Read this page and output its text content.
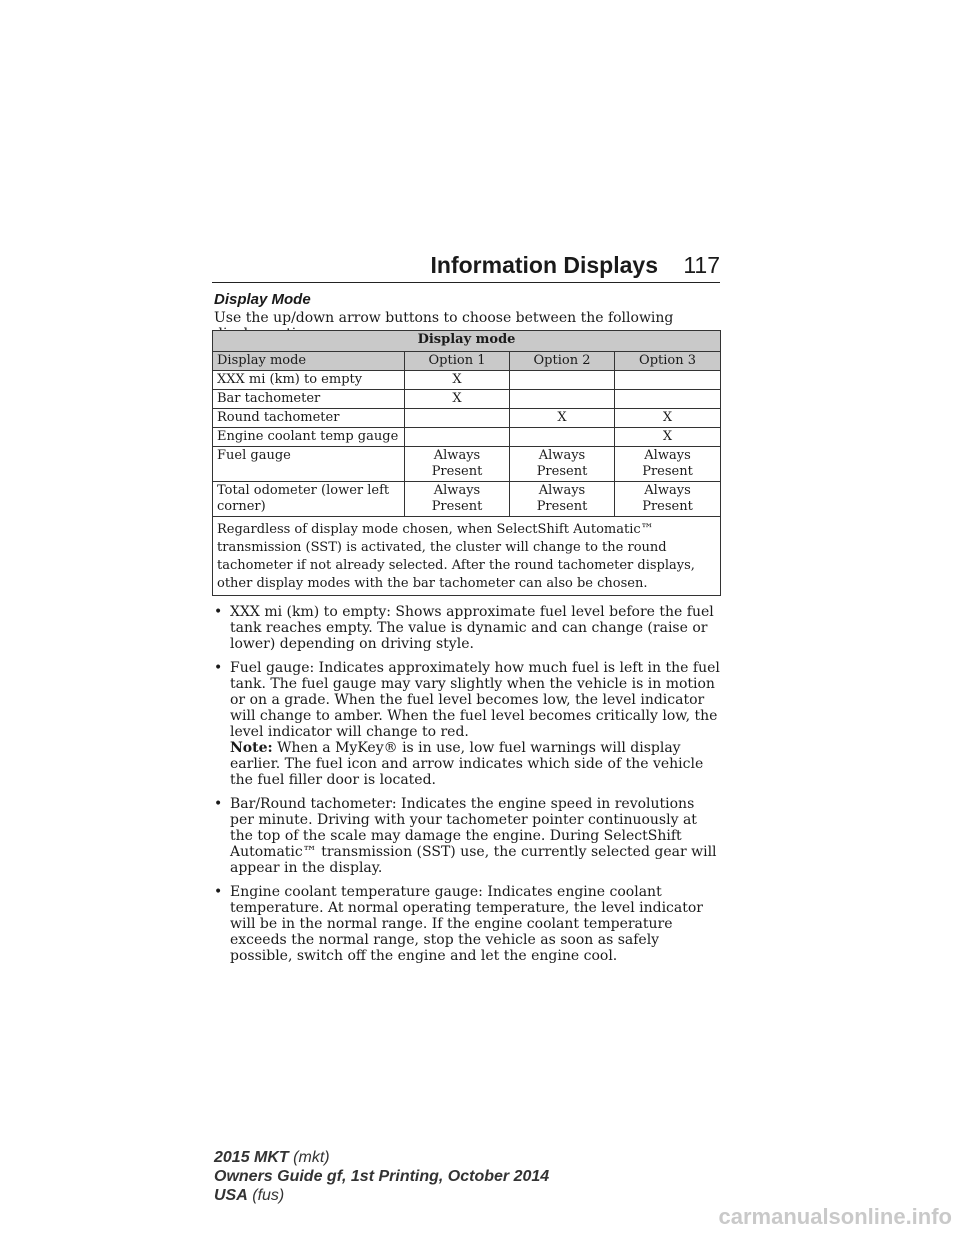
Information Displays 117
Display Mode
Use the up/down arrow buttons to choose between the following
Display mode			
Display mode	Option 1	Option 2	Option 3
XXX mi (km) to empty	X		
Bar tachometer	X		
Round tachometer		X	X
Engine coolant temp gauge			X
Fuel gauge	Always Present	Always Present	Always Present
Total odometer (lower left corner)	Always Present	Always Present	Always Present
Regardless of display mode chosen, when SelectShift Automatic™ transmission (SST) is activated, the cluster will change to the round tachometer if not already selected. After the round tachometer displays, other display modes with the bar tachometer can also be chosen.			
• XXX mi (km) to empty: Shows approximate fuel level before the fuel tank reaches empty. The value is dynamic and can change (raise or lower) depending on driving style.
• Fuel gauge: Indicates approximately how much fuel is left in the fuel tank. The fuel gauge may vary slightly when the vehicle is in motion or on a grade. When the fuel level becomes low, the level indicator will change to amber. When the fuel level becomes critically low, the level indicator will change to red.
Note: When a MyKey® is in use, low fuel warnings will display earlier. The fuel icon and arrow indicates which side of the vehicle the fuel filler door is located.
• Bar/Round tachometer: Indicates the engine speed in revolutions per minute. Driving with your tachometer pointer continuously at the top of the scale may damage the engine. During SelectShift Automatic™ transmission (SST) use, the currently selected gear will appear in the display.
• Engine coolant temperature gauge: Indicates engine coolant temperature. At normal operating temperature, the level indicator will be in the normal range. If the engine coolant temperature exceeds the normal range, stop the vehicle as soon as safely possible, switch off the engine and let the engine cool.
2015 MKT (mkt)
Owners Guide gf, 1st Printing, October 2014
USA (fus)
carmanualsonline.info
